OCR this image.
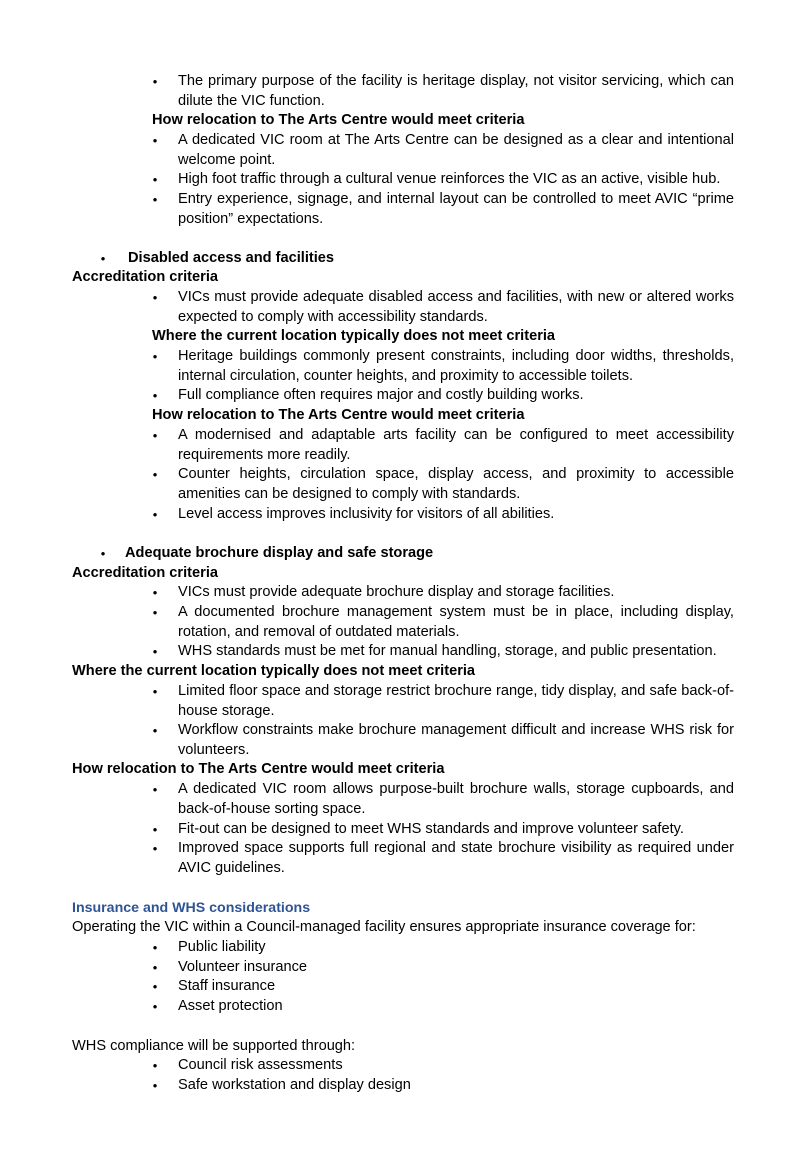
•	The primary purpose of the facility is heritage display, not visitor servicing, which can dilute the VIC function.

How relocation to The Arts Centre would meet criteria

•	A dedicated VIC room at The Arts Centre can be designed as a clear and intentional welcome point.

•	High foot traffic through a cultural venue reinforces the VIC as an active, visible hub.

•	Entry experience, signage, and internal layout can be controlled to meet AVIC “prime position” expectations.

•	Disabled access and facilities

Accreditation criteria

•	VICs must provide adequate disabled access and facilities, with new or altered works expected to comply with accessibility standards.

Where the current location typically does not meet criteria

•	Heritage buildings commonly present constraints, including door widths, thresholds, internal circulation, counter heights, and proximity to accessible toilets.

•	Full compliance often requires major and costly building works.

How relocation to The Arts Centre would meet criteria

•	A modernised and adaptable arts facility can be configured to meet accessibility requirements more readily.

•	Counter heights, circulation space, display access, and proximity to accessible amenities can be designed to comply with standards.

•	Level access improves inclusivity for visitors of all abilities.

•	Adequate brochure display and safe storage

Accreditation criteria

•	VICs must provide adequate brochure display and storage facilities.

•	A documented brochure management system must be in place, including display, rotation, and removal of outdated materials.

•	WHS standards must be met for manual handling, storage, and public presentation.

Where the current location typically does not meet criteria

•	Limited floor space and storage restrict brochure range, tidy display, and safe back-of-house storage.

•	Workflow constraints make brochure management difficult and increase WHS risk for volunteers.

How relocation to The Arts Centre would meet criteria

•	A dedicated VIC room allows purpose-built brochure walls, storage cupboards, and back-of-house sorting space.

•	Fit-out can be designed to meet WHS standards and improve volunteer safety.

•	Improved space supports full regional and state brochure visibility as required under AVIC guidelines.

Insurance and WHS considerations

Operating the VIC within a Council-managed facility ensures appropriate insurance coverage for:

•	Public liability

•	Volunteer insurance

•	Staff insurance

•	Asset protection

WHS compliance will be supported through:

•	Council risk assessments

•	Safe workstation and display design
